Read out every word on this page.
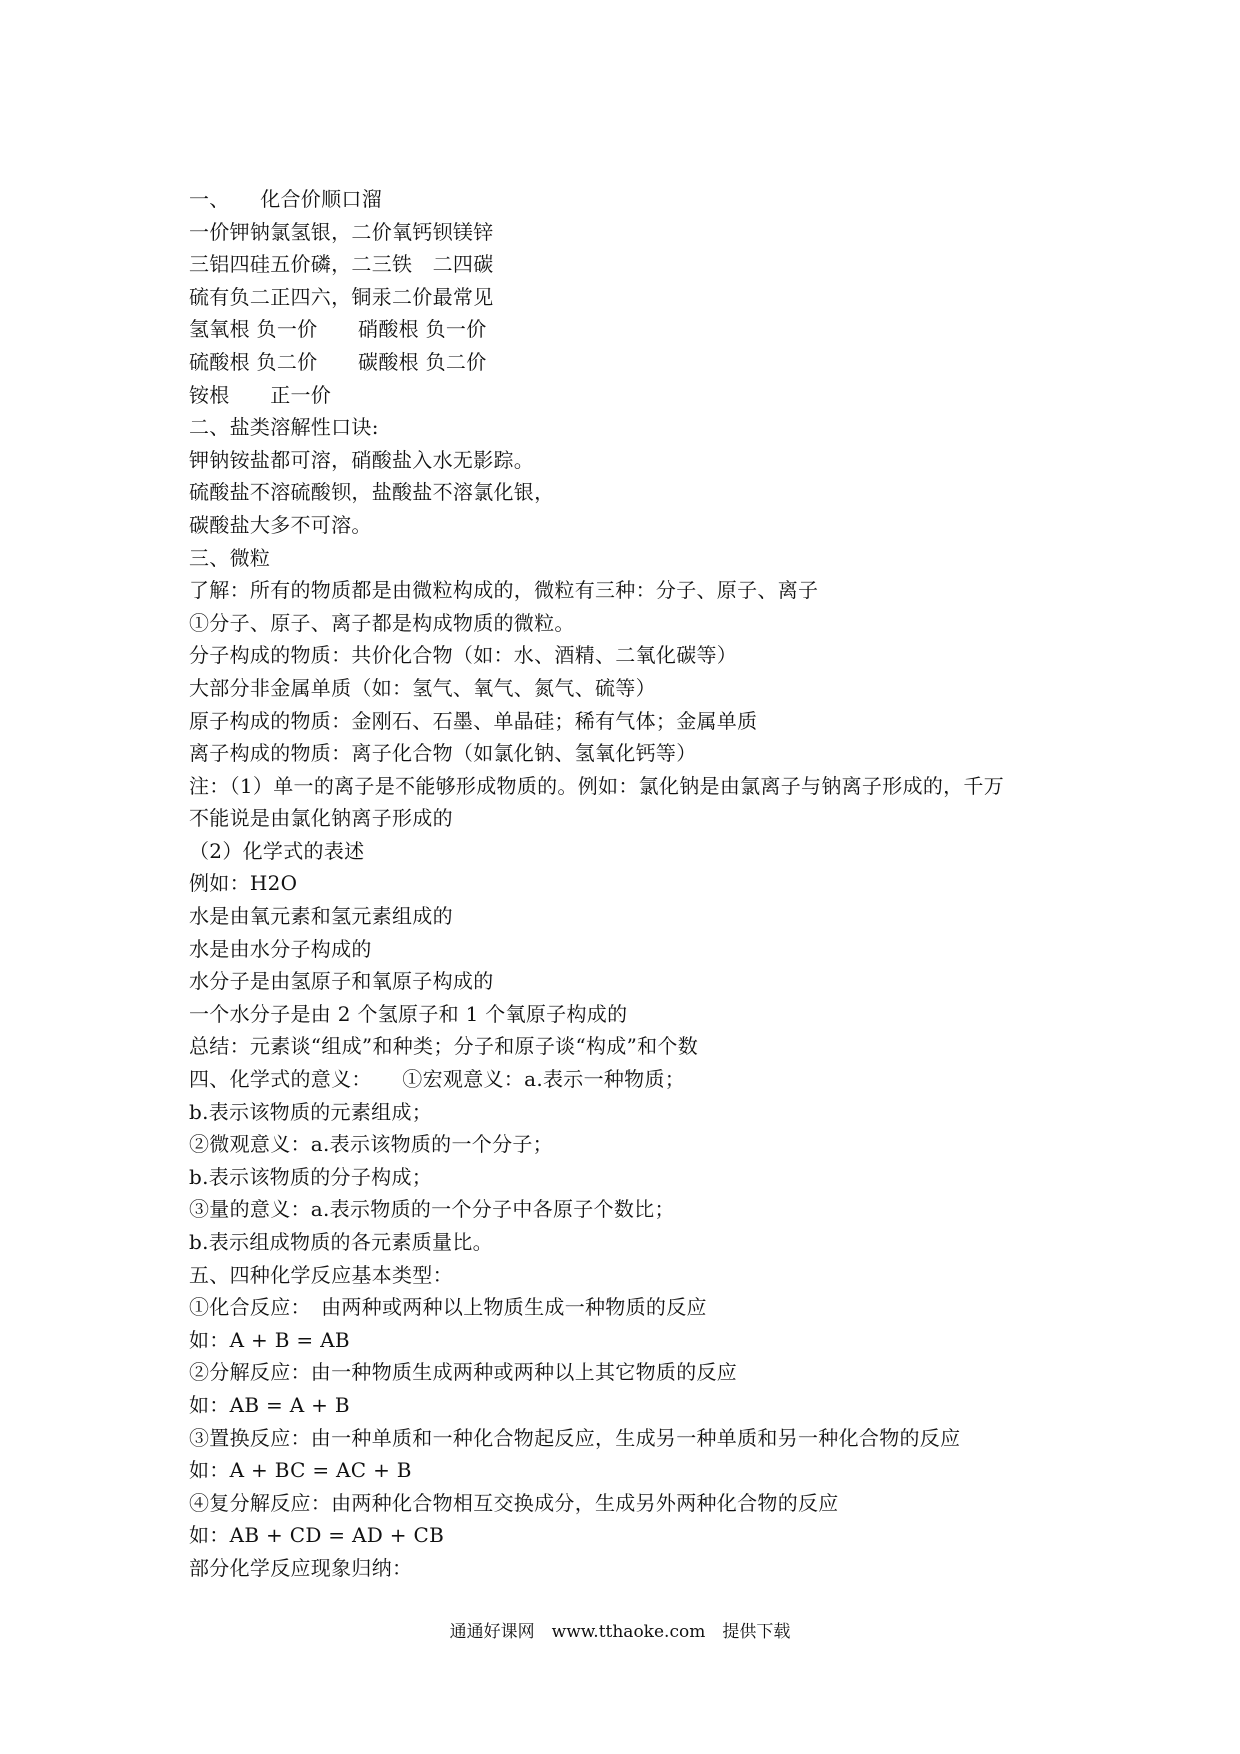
一、　　化合价顺口溜
一价钾钠氯氢银，二价氧钙钡镁锌
三铝四硅五价磷，二三铁　二四碳
硫有负二正四六，铜汞二价最常见
氢氧根 负一价　　硝酸根 负一价
硫酸根 负二价　　碳酸根 负二价
铵根　　正一价
二、盐类溶解性口诀:
钾钠铵盐都可溶，硝酸盐入水无影踪。
硫酸盐不溶硫酸钡，盐酸盐不溶氯化银，
碳酸盐大多不可溶。
三、微粒
了解：所有的物质都是由微粒构成的，微粒有三种：分子、原子、离子
①分子、原子、离子都是构成物质的微粒。
分子构成的物质：共价化合物（如：水、酒精、二氧化碳等）
大部分非金属单质（如：氢气、氧气、氮气、硫等）
原子构成的物质：金刚石、石墨、单晶硅；稀有气体；金属单质
离子构成的物质：离子化合物（如氯化钠、氢氧化钙等）
注：（1）单一的离子是不能够形成物质的。例如：氯化钠是由氯离子与钠离子形成的，千万
不能说是由氯化钠离子形成的
（2）化学式的表述
例如：H2O
水是由氧元素和氢元素组成的
水是由水分子构成的
水分子是由氢原子和氧原子构成的
一个水分子是由 2 个氢原子和 1 个氧原子构成的
总结：元素谈“组成”和种类；分子和原子谈“构成”和个数
四、化学式的意义：　　①宏观意义：a.表示一种物质；
b.表示该物质的元素组成；
②微观意义：a.表示该物质的一个分子；
b.表示该物质的分子构成；
③量的意义：a.表示物质的一个分子中各原子个数比；
b.表示组成物质的各元素质量比。
五、四种化学反应基本类型：
①化合反应：　由两种或两种以上物质生成一种物质的反应
如：A + B = AB
②分解反应：由一种物质生成两种或两种以上其它物质的反应
如：AB = A + B
③置换反应：由一种单质和一种化合物起反应，生成另一种单质和另一种化合物的反应
如：A + BC = AC + B
④复分解反应：由两种化合物相互交换成分，生成另外两种化合物的反应
如：AB + CD = AD + CB
部分化学反应现象归纳：
通通好课网　www.tthaoke.com　提供下载
